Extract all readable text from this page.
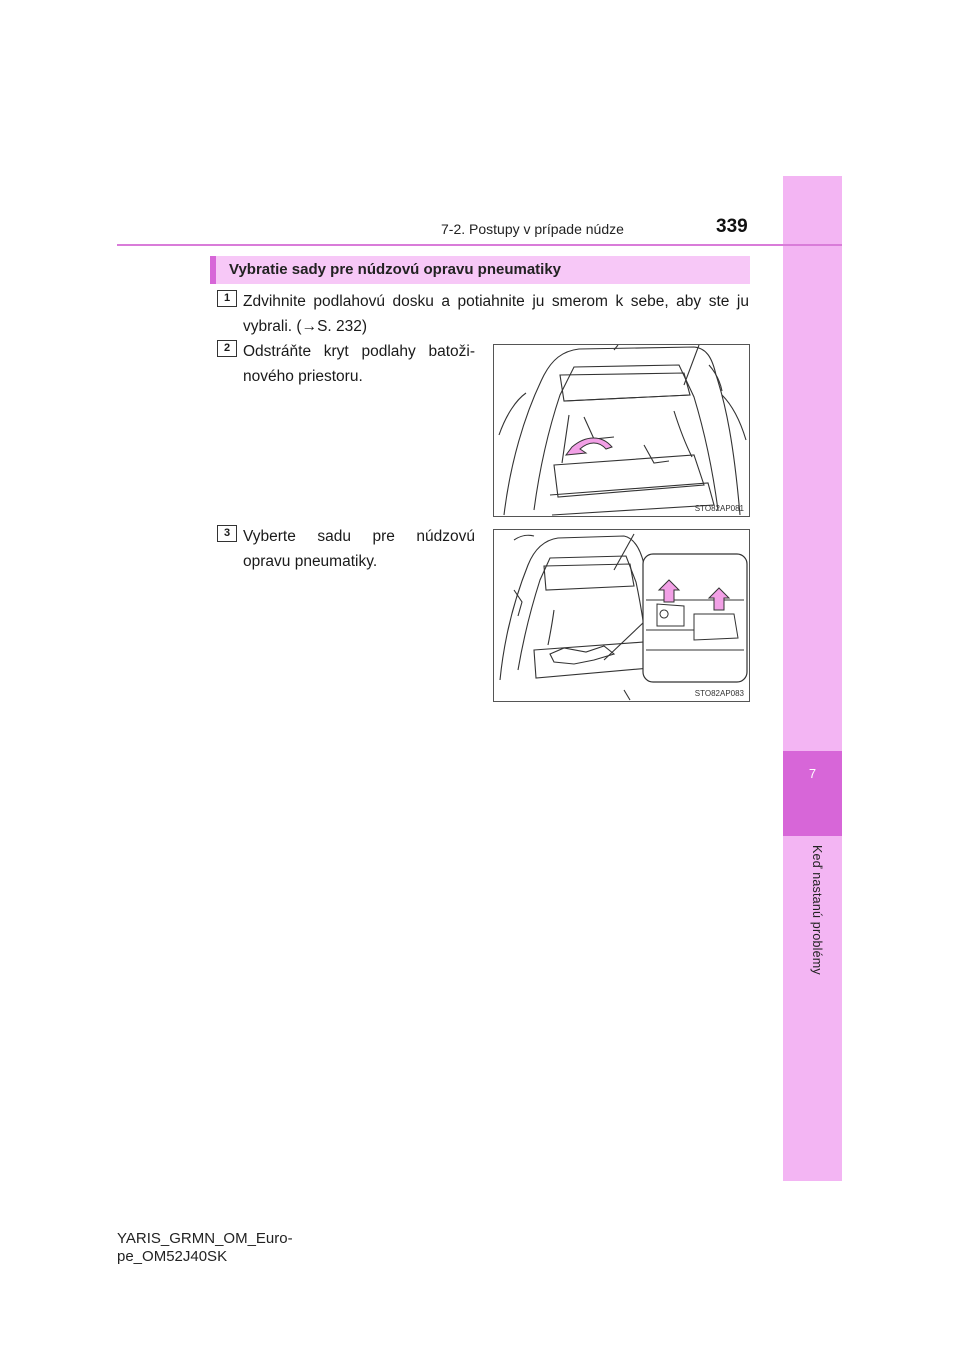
7
Keď nastanú problémy
7-2. Postupy v prípade núdze	339
Vybratie sady pre núdzovú opravu pneumatiky
1 Zdvihnite podlahovú dosku a potiahnite ju smerom k sebe, aby ste ju vybrali. (→S. 232)
2 Odstráňte kryt podlahy batoži-nového priestoru.
STO82AP081
3 Vyberte sadu pre núdzovú opravu pneumatiky.
STO82AP083
YARIS_GRMN_OM_Euro-
pe_OM52J40SK
